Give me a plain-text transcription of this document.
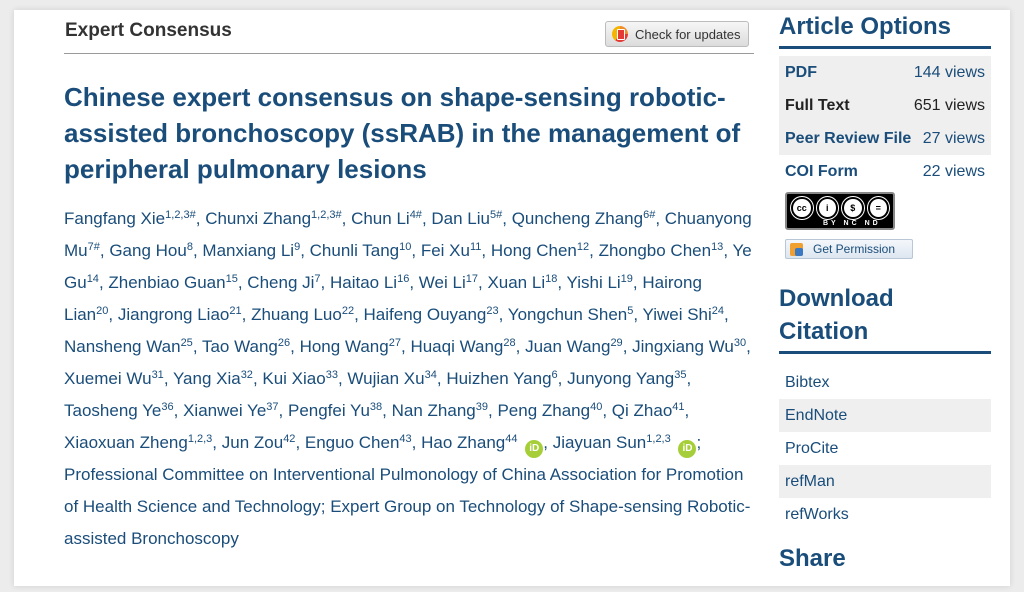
Expert Consensus	Check for updates
Chinese expert consensus on shape-sensing robotic-assisted bronchoscopy (ssRAB) in the management of peripheral pulmonary lesions
Fangfang Xie$^{1,2,3\#}$, Chunxi Zhang$^{1,2,3\#}$, Chun $Li^{4\#}$, Dan Liu$^{5\#}$, Quncheng Zhang$^{6\#}$, Chuanyong $Mu^{7\#}$, Gang Hou$^8$, Manxiang Li$^9$, Chunli Tang$^{10}$, Fei Xu$^{11}$, Hong Chen$^{12}$, Zhongbo Chen$^{13}$, Ye Gu$^{14}$, Zhenbiao Guan$^{15}$, Cheng Ji$^7$, Haitao Li$^{16}$, Wei Li$^{17}$, Xuan Li$^{18}$, Yishi Li$^{19}$, Hairong Lian$^{20}$, Jiangrong Liao$^{21}$, Zhuang Luo$^{22}$, Haifeng Ouyang$^{23}$, Yongchun Shen$^5$, Yiwei Shi$^{24}$, Nansheng Wan$^{25}$, Tao Wang$^{26}$, Hong Wang$^{27}$, Huaqi Wang$^{28}$, Juan Wang$^{29}$, Jingxiang Wu$^{30}$, Xuemei Wu$^{31}$, Yang Xia$^{32}$, Kui Xiao$^{33}$, Wujian Xu$^{34}$, Huizhen Yang$^6$, Junyong Yang$^{35}$, Taosheng Ye$^{36}$, Xianwei Ye$^{37}$, Pengfei Yu$^{38}$, Nan Zhang$^{39}$, Peng Zhang$^{40}$, Qi Zhao$^{41}$, Xiaoxuan Zheng$^{1,2,3}$, Jun Zou$^{42}$, Enguo Chen$^{43}$, Hao Zhang$^{44}$ iD , Jiayuan Sun$^{1,2,3}$ iD ; Professional Committee on Interventional Pulmonology of China Association for Promotion of Health Science and Technology; Expert Group on Technology of Shape-sensing Robotic-assisted Bronchoscopy
Article Options
PDF	144 views
Full Text	651 views
Peer Review File 27 views
COI Form	22 views
cc	i	$	=
BY NC ND
Get Permission
Download
Citation
Bibtex
EndNote
ProCite
refMan
refWorks
Share
